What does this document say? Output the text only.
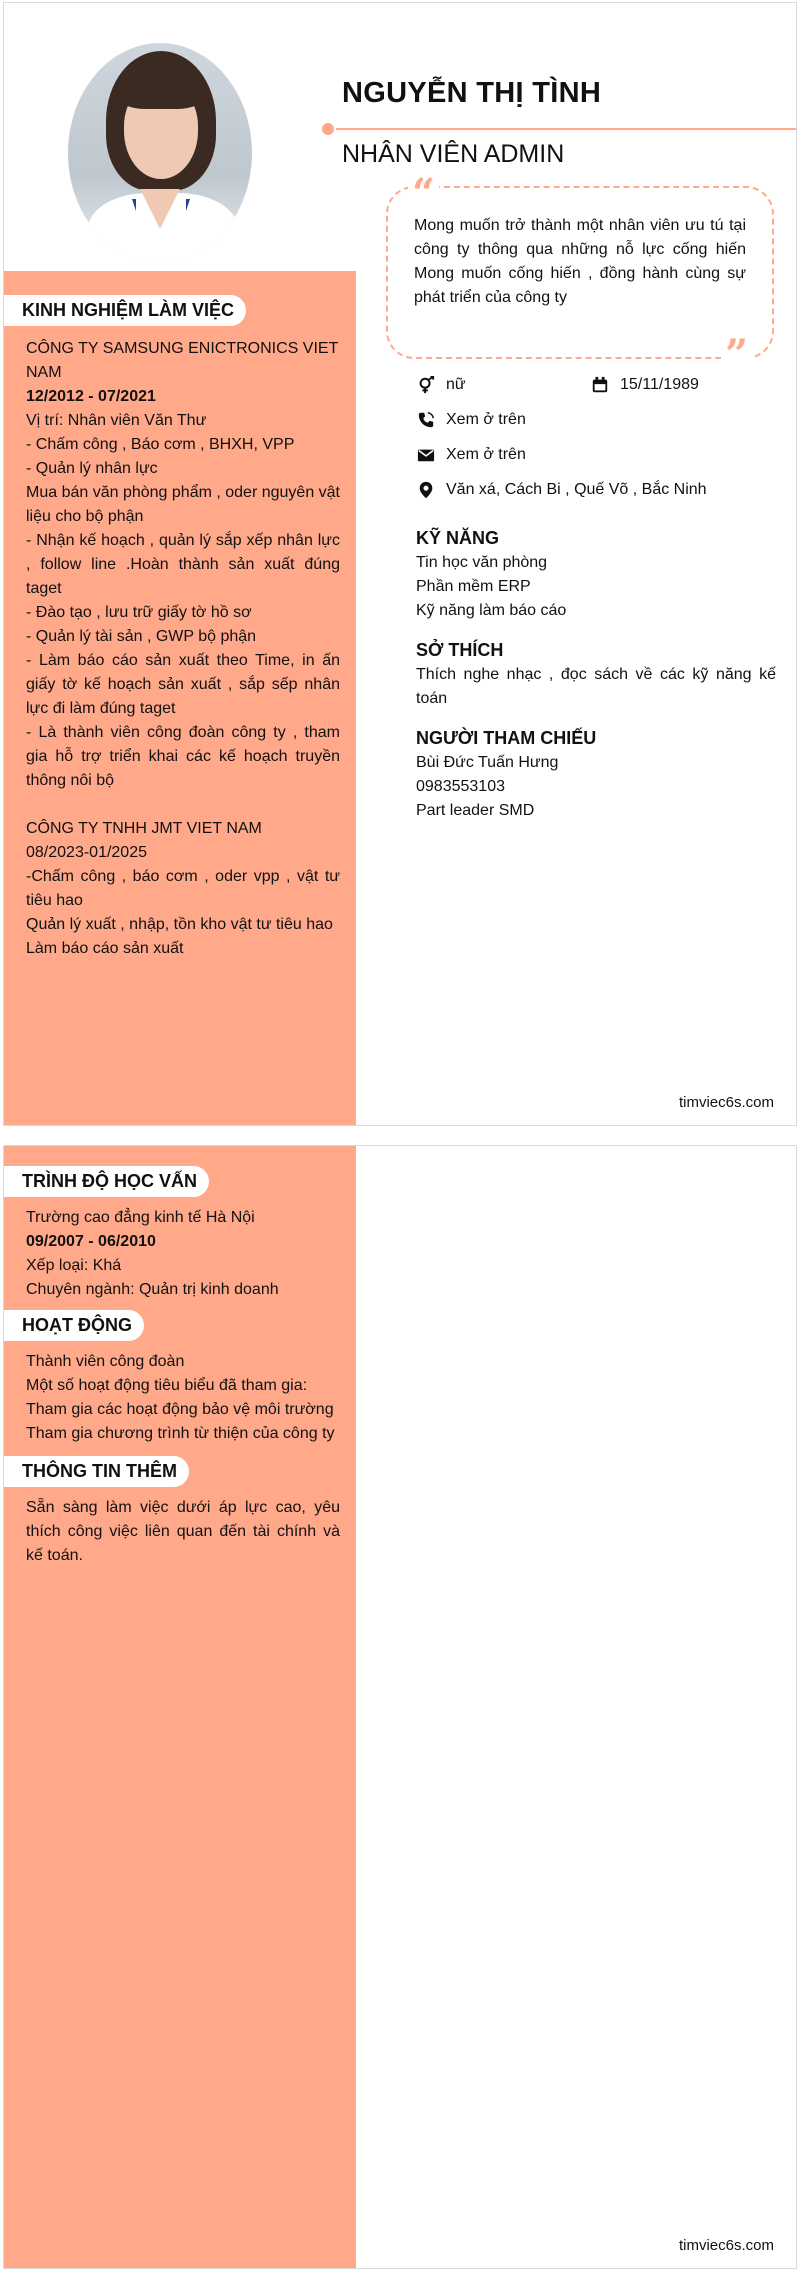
NGUYỄN THỊ TÌNH
NHÂN VIÊN ADMIN
“
Mong muốn trở thành một nhân viên ưu tú tại công ty thông qua những nỗ lực cống hiến Mong muốn cống hiến , đồng hành cùng sự phát triển của công ty
”
nữ	15/11/1989
Xem ở trên
Xem ở trên
Văn xá, Cách Bi , Quế Võ , Bắc Ninh
KỸ NĂNG
Tin học văn phòng
Phần mềm ERP
Kỹ năng làm báo cáo
SỞ THÍCH
Thích nghe nhạc , đọc sách về các kỹ năng kế toán
NGƯỜI THAM CHIẾU
Bùi Đức Tuấn Hưng
0983553103
Part leader SMD
KINH NGHIỆM LÀM VIỆC
CÔNG TY SAMSUNG ENICTRONICS VIET NAM
12/2012 - 07/2021
Vị trí: Nhân viên Văn Thư
- Chấm công , Báo cơm , BHXH, VPP
- Quản lý nhân lực
Mua bán văn phòng phẩm , oder nguyên vật liệu cho bộ phận
- Nhận kế hoạch , quản lý sắp xếp nhân lực , follow line .Hoàn thành sản xuất đúng taget
- Đào tạo , lưu trữ giấy tờ hồ sơ
- Quản lý tài sản , GWP bộ phận
- Làm báo cáo sản xuất theo Time, in ấn giấy tờ kế hoạch sản xuất , sắp sếp nhân lực đi làm đúng taget
- Là thành viên công đoàn công ty , tham gia hỗ trợ triển khai các kế hoạch truyền thông nôi bộ
CÔNG TY TNHH JMT VIET NAM
08/2023-01/2025
-Chấm công , báo cơm , oder vpp , vật tư tiêu hao
Quản lý xuất , nhập, tồn kho vật tư tiêu hao
Làm báo cáo sản xuất
timviec6s.com
TRÌNH ĐỘ HỌC VẤN
Trường cao đẳng kinh tế Hà Nội
09/2007 - 06/2010
Xếp loại: Khá
Chuyên ngành: Quản trị kinh doanh
HOẠT ĐỘNG
Thành viên công đoàn
Một số hoạt động tiêu biểu đã tham gia:
Tham gia các hoạt động bảo vệ môi trường
Tham gia chương trình từ thiện của công ty
THÔNG TIN THÊM
Sẵn sàng làm việc dưới áp lực cao, yêu thích công việc liên quan đến tài chính và kế toán.
timviec6s.com
